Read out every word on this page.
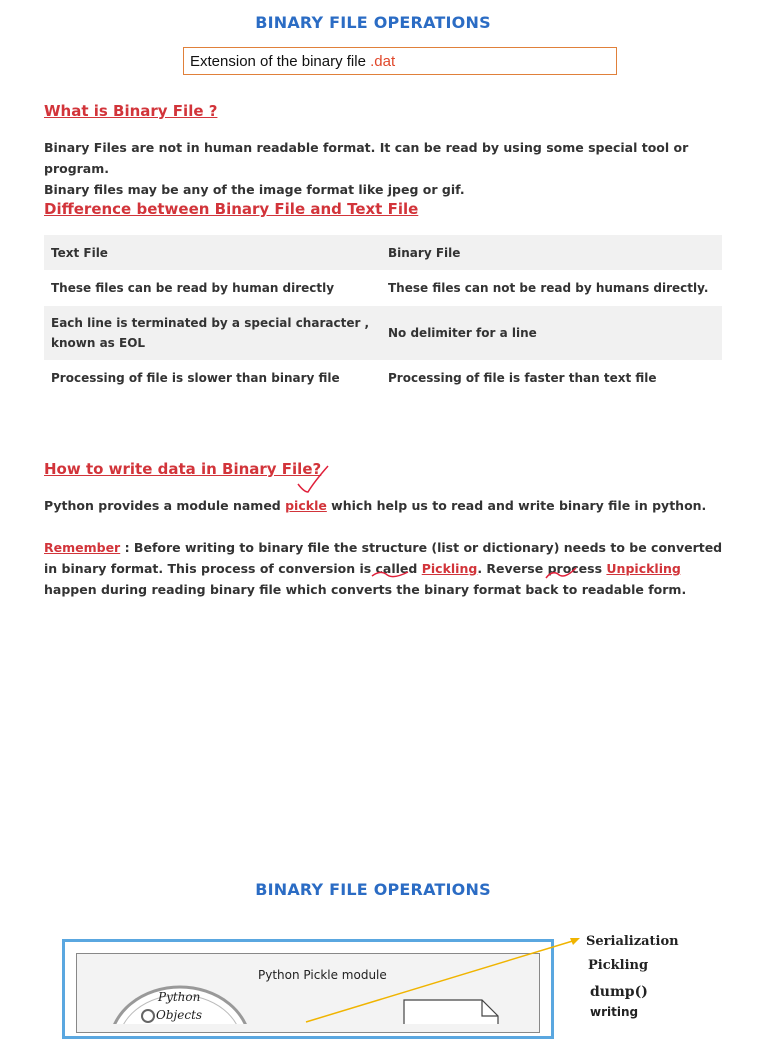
BINARY FILE OPERATIONS
Extension of the binary file .dat
What is Binary File ?
Binary Files are not in human readable format. It can be read by using some special tool or program.
Binary files may be any of the image format like jpeg or gif.
Difference between Binary File and Text File
Text File	Binary File
These files can be read by human directly	These files can not be read by humans directly.
Each line is terminated by a special character , known as EOL	No delimiter for a line
Processing of file is slower than binary file	Processing of file is faster than text file
How to write data in Binary File?
Python provides a module named pickle which help us to read and write binary file in python.
Remember : Before writing to binary file the structure (list or dictionary) needs to be converted in binary format. This process of conversion is called Pickling. Reverse process Unpickling happen during reading binary file which converts the binary format back to readable form.
BINARY FILE OPERATIONS
Python Pickle module
Python
Objects
Serialization
Pickling
dump()
writing
